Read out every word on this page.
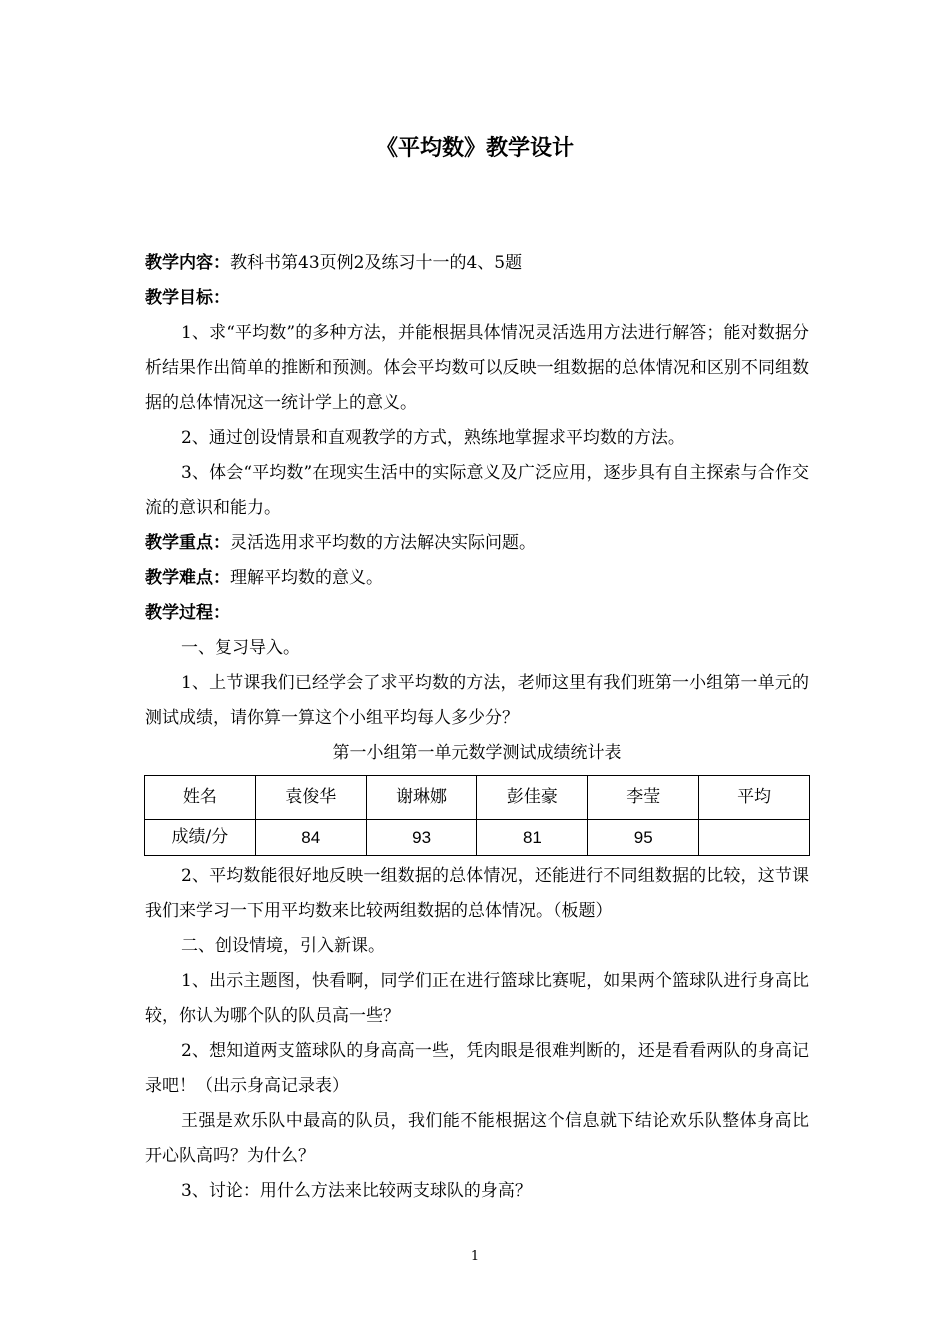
《平均数》教学设计

教学内容：教科书第43页例2及练习十一的4、5题

教学目标：

1、求“平均数”的多种方法，并能根据具体情况灵活选用方法进行解答；能对数据分析结果作出简单的推断和预测。体会平均数可以反映一组数据的总体情况和区别不同组数据的总体情况这一统计学上的意义。

2、通过创设情景和直观教学的方式，熟练地掌握求平均数的方法。

3、体会“平均数”在现实生活中的实际意义及广泛应用，逐步具有自主探索与合作交流的意识和能力。

教学重点：灵活选用求平均数的方法解决实际问题。

教学难点：理解平均数的意义。

教学过程：

一、复习导入。

1、上节课我们已经学会了求平均数的方法，老师这里有我们班第一小组第一单元的测试成绩，请你算一算这个小组平均每人多少分？

第一小组第一单元数学测试成绩统计表
姓名	袁俊华	谢琳娜	彭佳豪	李莹	平均
成绩/分	84	93	81	95	

2、平均数能很好地反映一组数据的总体情况，还能进行不同组数据的比较，这节课我们来学习一下用平均数来比较两组数据的总体情况。（板题）

二、创设情境，引入新课。

1、出示主题图，快看啊，同学们正在进行篮球比赛呢，如果两个篮球队进行身高比较，你认为哪个队的队员高一些？

2、想知道两支篮球队的身高高一些，凭肉眼是很难判断的，还是看看两队的身高记录吧！（出示身高记录表）

王强是欢乐队中最高的队员，我们能不能根据这个信息就下结论欢乐队整体身高比开心队高吗？为什么？

3、讨论：用什么方法来比较两支球队的身高？

1
